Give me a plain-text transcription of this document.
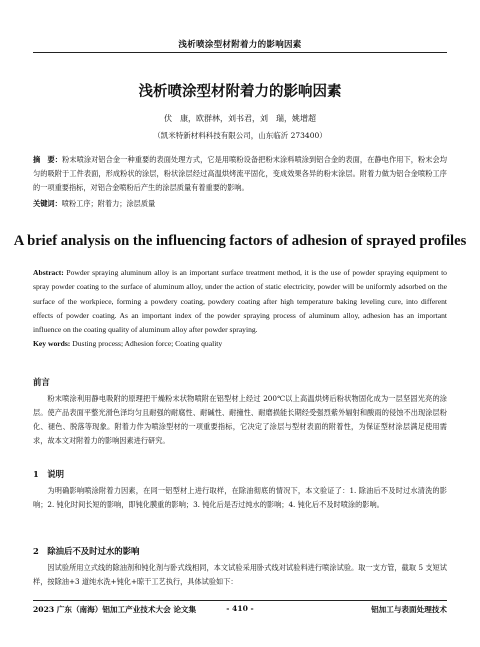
浅析喷涂型材附着力的影响因素
浅析喷涂型材附着力的影响因素
伏　康，欧群林，刘书君，刘　瑞，姚增超
（凯米特新材料科技有限公司，山东临沂 273400）
摘　要：粉末喷涂对铝合金一种重要的表面处理方式，它是用喷粉设备把粉末涂料喷涂到铝合金的表面，在静电作用下，粉末会均匀的吸附于工件表面，形成粉状的涂层，粉状涂层经过高温烘烤流平固化，变成效果各异的粉末涂层。附着力做为铝合金喷粉工序的一项重要指标，对铝合金喷粉后产生的涂层质量有着重要的影响。
关键词：喷粉工序；附着力；涂层质量
A brief analysis on the influencing factors of adhesion of sprayed profiles
Abstract: Powder spraying aluminum alloy is an important surface treatment method, it is the use of powder spraying equipment to spray powder coating to the surface of aluminum alloy, under the action of static electricity, powder will be uniformly adsorbed on the surface of the workpiece, forming a powdery coating, powdery coating after high temperature baking leveling cure, into different effects of powder coating. As an important index of the powder spraying process of aluminum alloy, adhesion has an important influence on the coating quality of aluminum alloy after powder spraying.
Key words: Dusting process; Adhesion force; Coating quality
前言
粉末喷涂利用静电吸附的原理把干燥粉末状物喷附在铝型材上经过 200℃以上高温烘烤后粉状物固化成为一层坚固光亮的涂层。使产品表面平整光滑色泽均匀且耐强的耐腐性、耐碱性、耐撞性、耐磨损能长期经受强烈紫外辐射和酸雨的侵蚀不出现涂层粉化、褪色、脱落等现象。附着力作为喷涂型材的一项重要指标，它决定了涂层与型材表面的附着性，为保证型材涂层满足使用需求，故本文对附着力的影响因素进行研究。
1　说明
为明确影响喷涂附着力因素，在同一铝型材上进行取样，在除油彻底的情况下，本文验证了：1. 除油后不及时过水清洗的影响；2. 钝化时间长短的影响，即钝化膜重的影响；3. 钝化后是否过纯水的影响；4. 钝化后不及时喷涂的影响。
2　除油后不及时过水的影响
因试验所用立式线的除油剂和钝化剂与卧式线相同，本文试验采用卧式线对试验料进行喷涂试验。取一支方管，截取 5 支短试样，按除油+3 道纯水洗+钝化+晾干工艺执行，具体试验如下：
2023 广东（南海）铝加工产业技术大会 论文集	- 410 -	铝加工与表面处理技术
